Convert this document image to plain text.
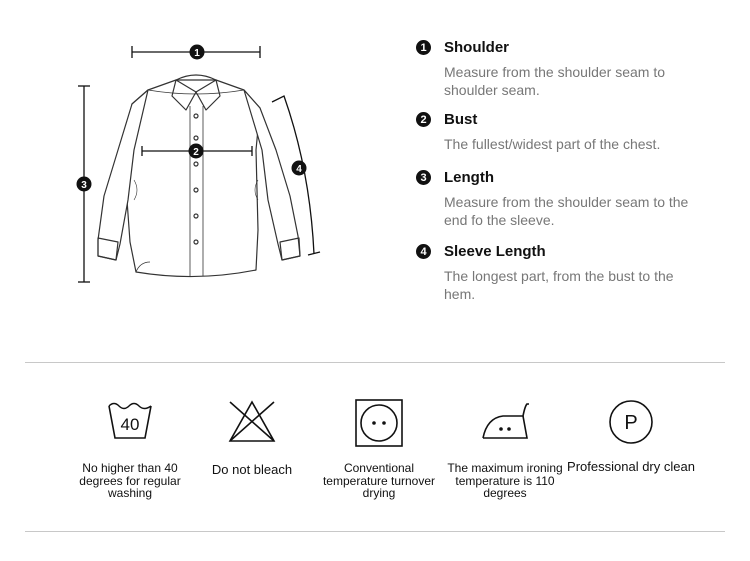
1
2
3
4
1 Shoulder
Measure from the shoulder seam to shoulder seam.
2 Bust
The fullest/widest part of the chest.
3 Length
Measure from the shoulder seam to the end fo the sleeve.
4 Sleeve Length
The longest part, from the bust to the hem.
40
No higher than 40 degrees for regular washing
Do not bleach	Conventional temperature turnover drying
The maximum ironing temperature is 110 degrees
P
Professional dry clean
